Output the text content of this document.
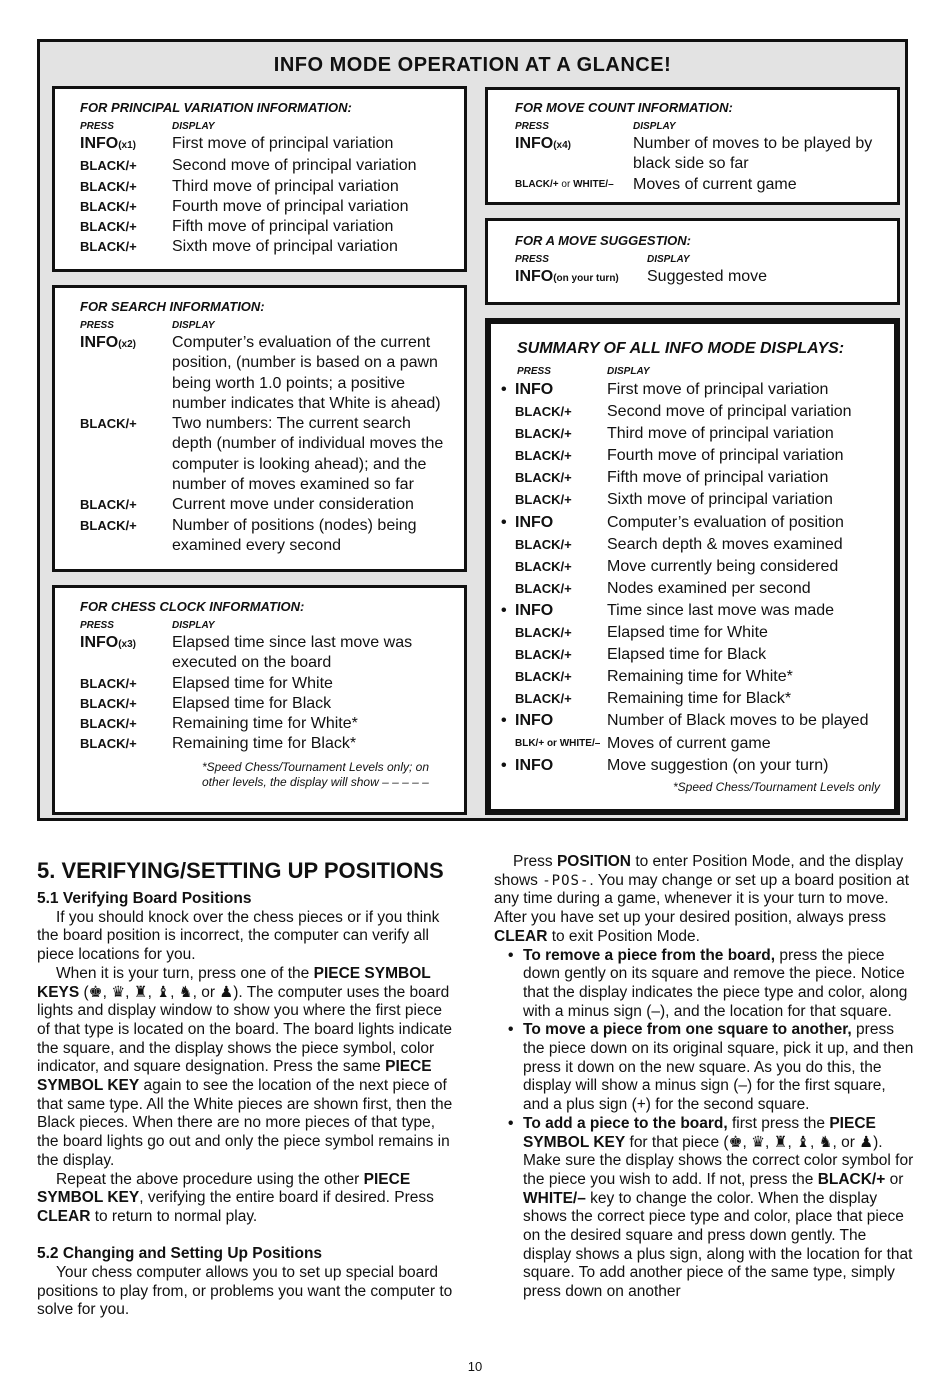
INFO MODE OPERATION AT A GLANCE!
FOR PRINCIPAL VARIATION INFORMATION:
PRESS	DISPLAY
INFO(x1)	First move of principal variation
BLACK/+	Second move of principal variation
BLACK/+	Third move of principal variation
BLACK/+	Fourth move of principal variation
BLACK/+	Fifth move of principal variation
BLACK/+	Sixth move of principal variation
FOR SEARCH INFORMATION:
PRESS	DISPLAY
INFO(x2)	Computer’s evaluation of the current
position, (number is based on a pawn
being worth 1.0 points; a positive
number indicates that White is ahead)
BLACK/+	Two numbers: The current search
depth (number of individual moves the
computer is looking ahead); and the
number of moves examined so far
BLACK/+	Current move under consideration
BLACK/+	Number of positions (nodes) being
examined every second
FOR CHESS CLOCK INFORMATION:
PRESS	DISPLAY
INFO(x3)	Elapsed time since last move was
executed on the board
BLACK/+	Elapsed time for White
BLACK/+	Elapsed time for Black
BLACK/+	Remaining time for White*
BLACK/+	Remaining time for Black*
*Speed Chess/Tournament Levels only; on
other levels, the display will show – – – – –
FOR MOVE COUNT INFORMATION:
PRESS	DISPLAY
INFO(x4)	Number of moves to be played by
black side so far
BLACK/+ or WHITE/–	Moves of current game
FOR A MOVE SUGGESTION:
PRESS	DISPLAY
INFO(on your turn)	Suggested move
SUMMARY OF ALL INFO MODE DISPLAYS:
PRESS	DISPLAY
• INFO	First move of principal variation
BLACK/+	Second move of principal variation
BLACK/+	Third move of principal variation
BLACK/+	Fourth move of principal variation
BLACK/+	Fifth move of principal variation
BLACK/+	Sixth move of principal variation
• INFO	Computer’s evaluation of position
BLACK/+	Search depth & moves examined
BLACK/+	Move currently being considered
BLACK/+	Nodes examined per second
• INFO	Time since last move was made
BLACK/+	Elapsed time for White
BLACK/+	Elapsed time for Black
BLACK/+	Remaining time for White*
BLACK/+	Remaining time for Black*
• INFO	Number of Black moves to be played
BLK/+ or WHITE/– Moves of current game
• INFO	Move suggestion (on your turn)
*Speed Chess/Tournament Levels only
5. VERIFYING/SETTING UP POSITIONS
5.1 Verifying Board Positions

If you should knock over the chess pieces or if you think the board position is incorrect, the computer can verify all piece locations for you.

When it is your turn, press one of the PIECE SYMBOL KEYS (♚, ♛, ♜, ♝, ♞, or ♟). The computer uses the board lights and display window to show you where the first piece of that type is located on the board. The board lights indicate the square, and the display shows the piece symbol, color indicator, and square designation. Press the same PIECE SYMBOL KEY again to see the location of the next piece of that same type. All the White pieces are shown first, then the Black pieces. When there are no more pieces of that type, the board lights go out and only the piece symbol remains in the display.

Repeat the above procedure using the other PIECE SYMBOL KEY, verifying the entire board if desired. Press CLEAR to return to normal play.

5.2 Changing and Setting Up Positions

Your chess computer allows you to set up special board positions to play from, or problems you want the computer to solve for you.

Press POSITION to enter Position Mode, and the display shows -POS-. You may change or set up a board position at any time during a game, whenever it is your turn to move. After you have set up your desired position, always press CLEAR to exit Position Mode.

• To remove a piece from the board, press the piece down gently on its square and remove the piece. Notice that the display indicates the piece type and color, along with a minus sign (–), and the location for that square.

• To move a piece from one square to another, press the piece down on its original square, pick it up, and then press it down on the new square. As you do this, the display will show a minus sign (–) for the first square, and a plus sign (+) for the second square.

• To add a piece to the board, first press the PIECE SYMBOL KEY for that piece (♚, ♛, ♜, ♝, ♞, or ♟). Make sure the display shows the correct color symbol for the piece you wish to add. If not, press the BLACK/+ or WHITE/– key to change the color. When the display shows the correct piece type and color, place that piece on the desired square and press down gently. The display shows a plus sign, along with the location for that square. To add another piece of the same type, simply press down on another

10
